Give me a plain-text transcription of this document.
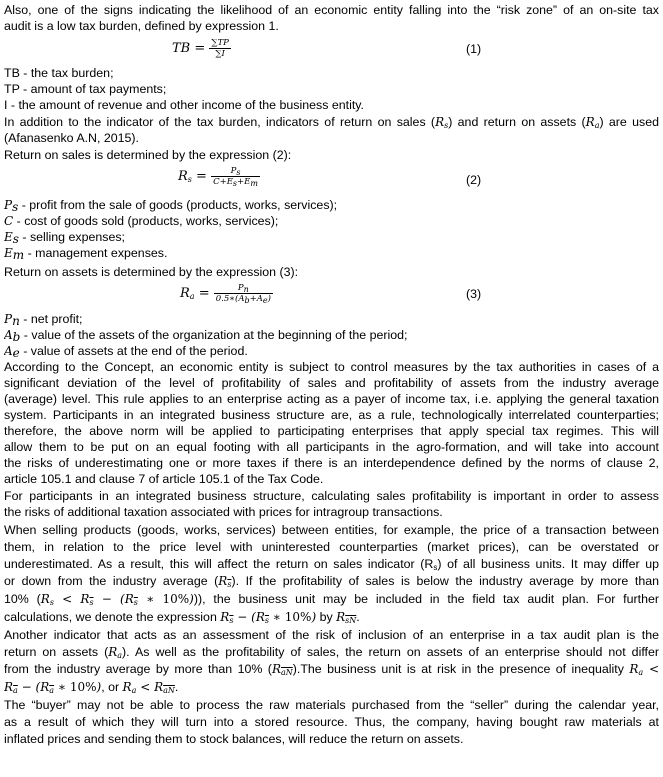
Also, one of the signs indicating the likelihood of an economic entity falling into the “risk zone” of an on-site tax
audit is a low tax burden, defined by expression 1.
TB = $\frac{\sum TP}{\sum I}$	(1)
TB - the tax burden;
TP - amount of tax payments;
I - the amount of revenue and other income of the business entity.
In addition to the indicator of the tax burden, indicators of return on sales $(R_s)$ and return on assets $(R_a)$ are used
(Afanasenko A.N, 2015).
Return on sales is determined by the expression (2):
$R_s = \frac{P_s}{C+E_s+E_m}$	(2)
$P_s$ - profit from the sale of goods (products, works, services);
C - cost of goods sold (products, works, services);
$E_s$ - selling expenses;
$E_m$ - management expenses.
Return on assets is determined by the expression (3):
$R_a = \frac{P_n}{0.5∗(A_b+A_e)}$	(3)
$P_n$ - net profit;
$A_b$ - value of the assets of the organization at the beginning of the period;
$A_e$ - value of assets at the end of the period.
According to the Concept, an economic entity is subject to control measures by the tax authorities in cases of a
significant deviation of the level of profitability of sales and profitability of assets from the industry average
(average) level. This rule applies to an enterprise acting as a payer of income tax, i.e. applying the general taxation
system. Participants in an integrated business structure are, as a rule, technologically interrelated counterparties;
therefore, the above norm will be applied to participating enterprises that apply special tax regimes. This will
allow them to be put on an equal footing with all participants in the agro-formation, and will take into account
the risks of underestimating one or more taxes if there is an interdependence defined by the norms of clause 2,
article 105.1 and clause 7 of article 105.1 of the Tax Code.
For participants in an integrated business structure, calculating sales profitability is important in order to assess
the risks of additional taxation associated with prices for intragroup transactions.
When selling products (goods, works, services) between entities, for example, the price of a transaction between
them, in relation to the price level with uninterested counterparties (market prices), can be overstated or
underestimated. As a result, this will affect the return on sales indicator $(R_s)$ of all business units. It may differ up
or down from the industry average $(R_s)$. If the profitability of sales is below the industry average by more than
10% ($R_s < R_s - (R_s$ ∗ 10%))), the business unit may be included in the field tax audit plan. For further
calculations, we denote the expression $R_s - (R_s$ ∗ 10%) by $R_{sN}$.
Another indicator that acts as an assessment of the risk of inclusion of an enterprise in a tax audit plan is the
return on assets $(R_a)$. As well as the profitability of sales, the return on assets of an enterprise should not differ
from the industry average by more than 10% $(R_{aN}).The$ business unit is at risk in the presence of inequality $R_a$ <
$R_a - (R_a$ ∗ 10%), or $R_a < R_{aN}$.
The “buyer” may not be able to process the raw materials purchased from the “seller” during the calendar year,
as a result of which they will turn into a stored resource. Thus, the company, having bought raw materials at
inflated prices and sending them to stock balances, will reduce the return on assets.
